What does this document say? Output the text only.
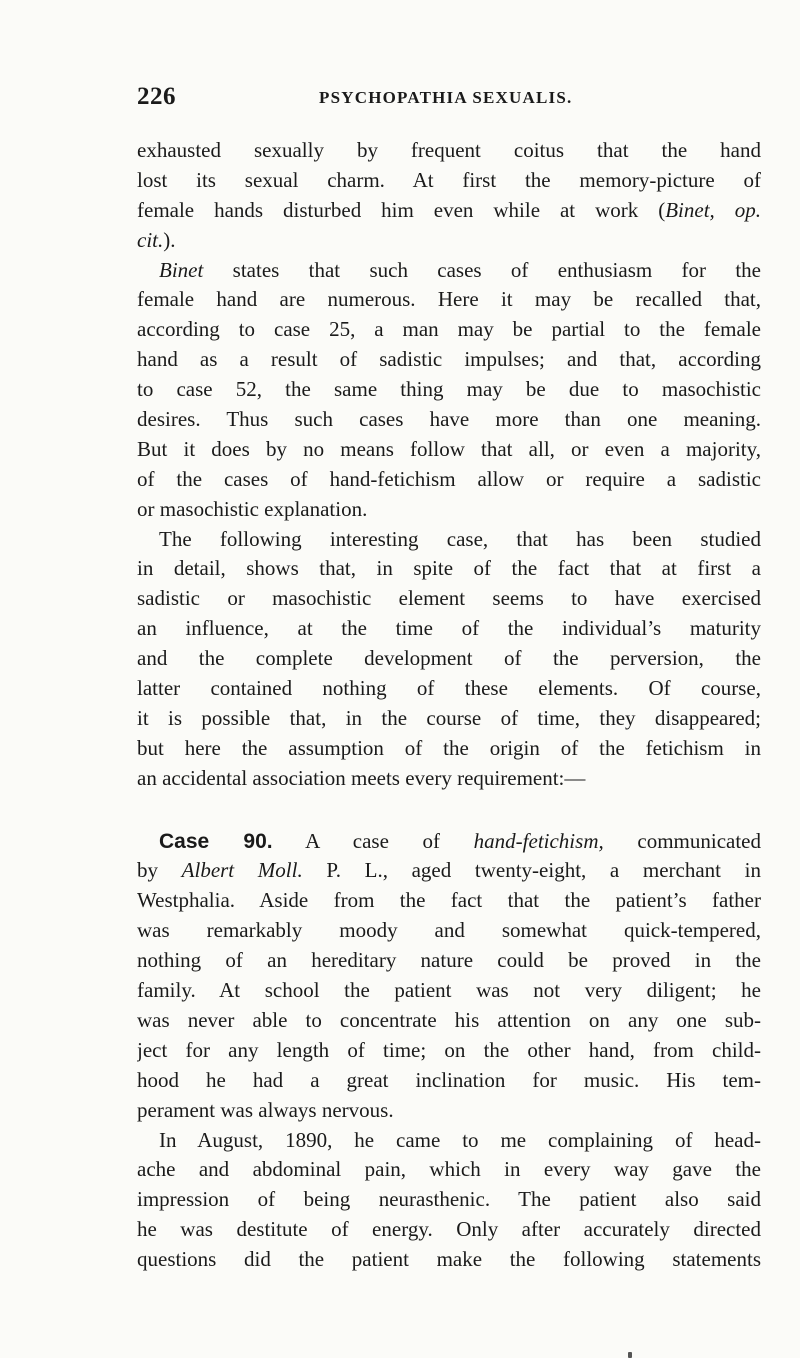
226	PSYCHOPATHIA SEXUALIS.
exhausted sexually by frequent coitus that the hand
lost its sexual charm. At first the memory-picture of
female hands disturbed him even while at work (Binet, op.
cit.).
Binet states that such cases of enthusiasm for the
female hand are numerous. Here it may be recalled that,
according to case 25, a man may be partial to the female
hand as a result of sadistic impulses; and that, according
to case 52, the same thing may be due to masochistic
desires. Thus such cases have more than one meaning.
But it does by no means follow that all, or even a majority,
of the cases of hand-fetichism allow or require a sadistic
or masochistic explanation.
The following interesting case, that has been studied
in detail, shows that, in spite of the fact that at first a
sadistic or masochistic element seems to have exercised
an influence, at the time of the individual’s maturity
and the complete development of the perversion, the
latter contained nothing of these elements. Of course,
it is possible that, in the course of time, they disappeared;
but here the assumption of the origin of the fetichism in
an accidental association meets every requirement:—
Case 90. A case of hand-fetichism, communicated
by Albert Moll. P. L., aged twenty-eight, a merchant in
Westphalia. Aside from the fact that the patient’s father
was remarkably moody and somewhat quick-tempered,
nothing of an hereditary nature could be proved in the
family. At school the patient was not very diligent; he
was never able to concentrate his attention on any one sub-
ject for any length of time; on the other hand, from child-
hood he had a great inclination for music. His tem-
perament was always nervous.
In August, 1890, he came to me complaining of head-
ache and abdominal pain, which in every way gave the
impression of being neurasthenic. The patient also said
he was destitute of energy. Only after accurately directed
questions did the patient make the following statements
